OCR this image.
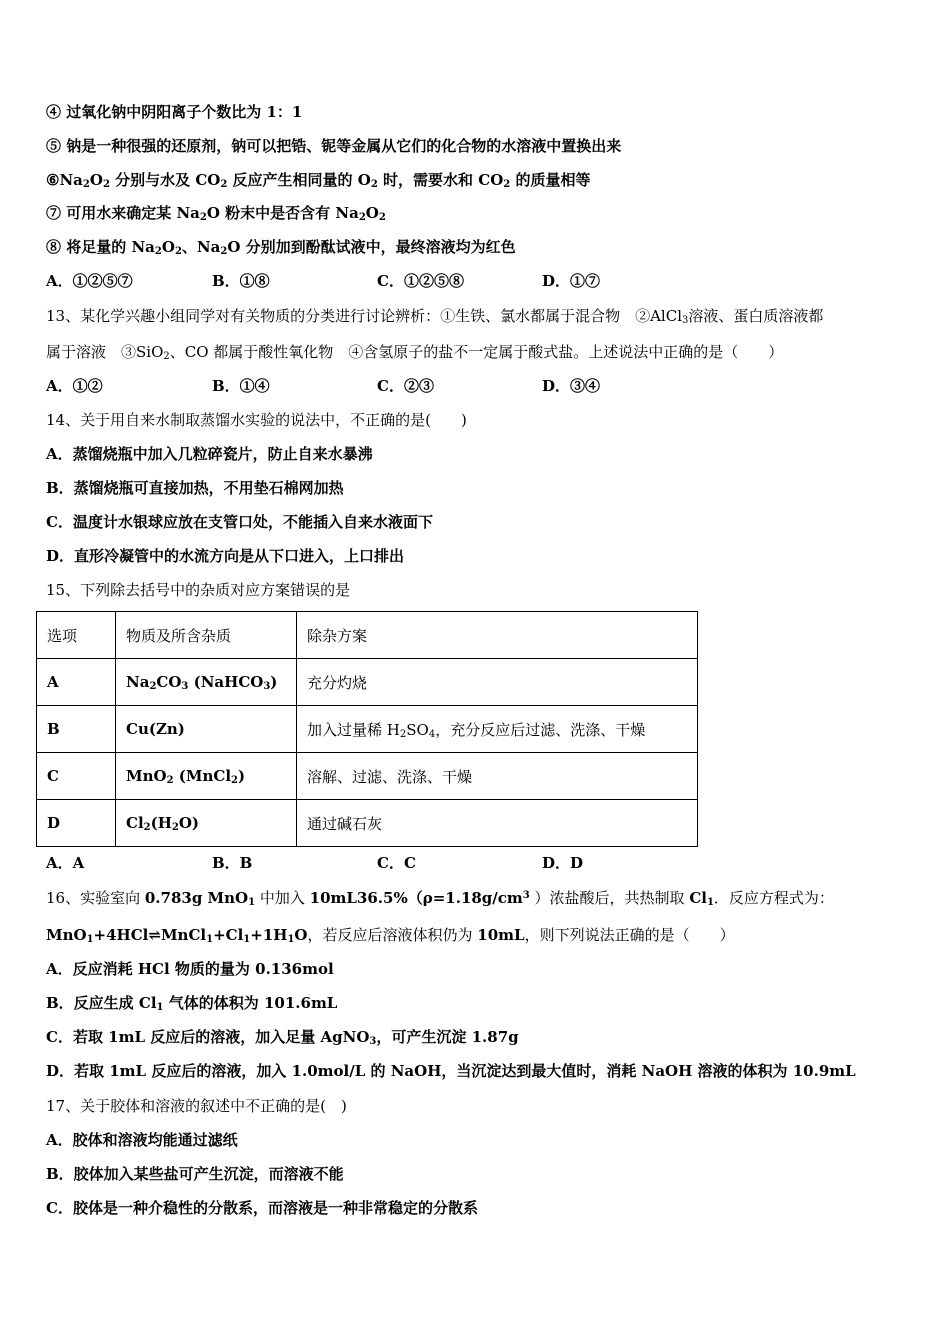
④ 过氧化钠中阴阳离子个数比为 1：1
⑤ 钠是一种很强的还原剂，钠可以把锆、铌等金属从它们的化合物的水溶液中置换出来
$⑥Na_2O_2$ 分别与水及 $CO_2$ 反应产生相同量的 $O_2$ 时，需要水和 $CO_2$ 的质量相等
⑦ 可用水来确定某 $Na_2O$ 粉末中是否含有 $Na_2O_2$
⑧ 将足量的 $Na_2O_2$、$Na_2O$ 分别加到酚酞试液中，最终溶液均为红色
A．①②⑤⑦	B．①⑧	C．①②⑤⑧	D．①⑦
13、某化学兴趣小组同学对有关物质的分类进行讨论辨析：①生铁、氯水都属于混合物　②AlCl$_3$溶液、蛋白质溶液都
属于溶液　③SiO$_2$、CO 都属于酸性氧化物　④含氢原子的盐不一定属于酸式盐。上述说法中正确的是（　　）
A．①②	B．①④	C．②③	D．③④
14、关于用自来水制取蒸馏水实验的说法中，不正确的是(　　)
A．蒸馏烧瓶中加入几粒碎瓷片，防止自来水暴沸
B．蒸馏烧瓶可直接加热，不用垫石棉网加热
C．温度计水银球应放在支管口处，不能插入自来水液面下
D．直形冷凝管中的水流方向是从下口进入，上口排出
15、下列除去括号中的杂质对应方案错误的是
选项	物质及所含杂质	除杂方案
A	$Na_2CO_3$ (NaHCO$_3$)	充分灼烧
B	Cu(Zn)	加入过量稀 $H_2SO_4$，充分反应后过滤、洗涤、干燥
C	MnO$_2$ (MnCl$_2$)	溶解、过滤、洗涤、干燥
D	$Cl_2(H_2O)$	通过碱石灰
A．A	B．B	C．C	D．D
16、实验室向 0.783g MnO$_1$ 中加入 $10mL36.5\%(\rho=1.18g/cm^3$ ）浓盐酸后，共热制取 $Cl_1$．反应方程式为：
$MnO_1+4HCl\rightleftharpoons MnCl_1+Cl_1+1H_1O$，若反应后溶液体积仍为 10mL，则下列说法正确的是（　　）
A．反应消耗 HCl 物质的量为 0.136mol
B．反应生成 $Cl_1$ 气体的体积为 101.6mL
C．若取 1mL 反应后的溶液，加入足量 AgNO$_3$，可产生沉淀 1.87g
D．若取 1mL 反应后的溶液，加入 1.0mol/L 的 NaOH，当沉淀达到最大值时，消耗 NaOH 溶液的体积为 10.9mL
17、关于胶体和溶液的叙述中不正确的是(　)
A．胶体和溶液均能通过滤纸
B．胶体加入某些盐可产生沉淀，而溶液不能
C．胶体是一种介稳性的分散系，而溶液是一种非常稳定的分散系
